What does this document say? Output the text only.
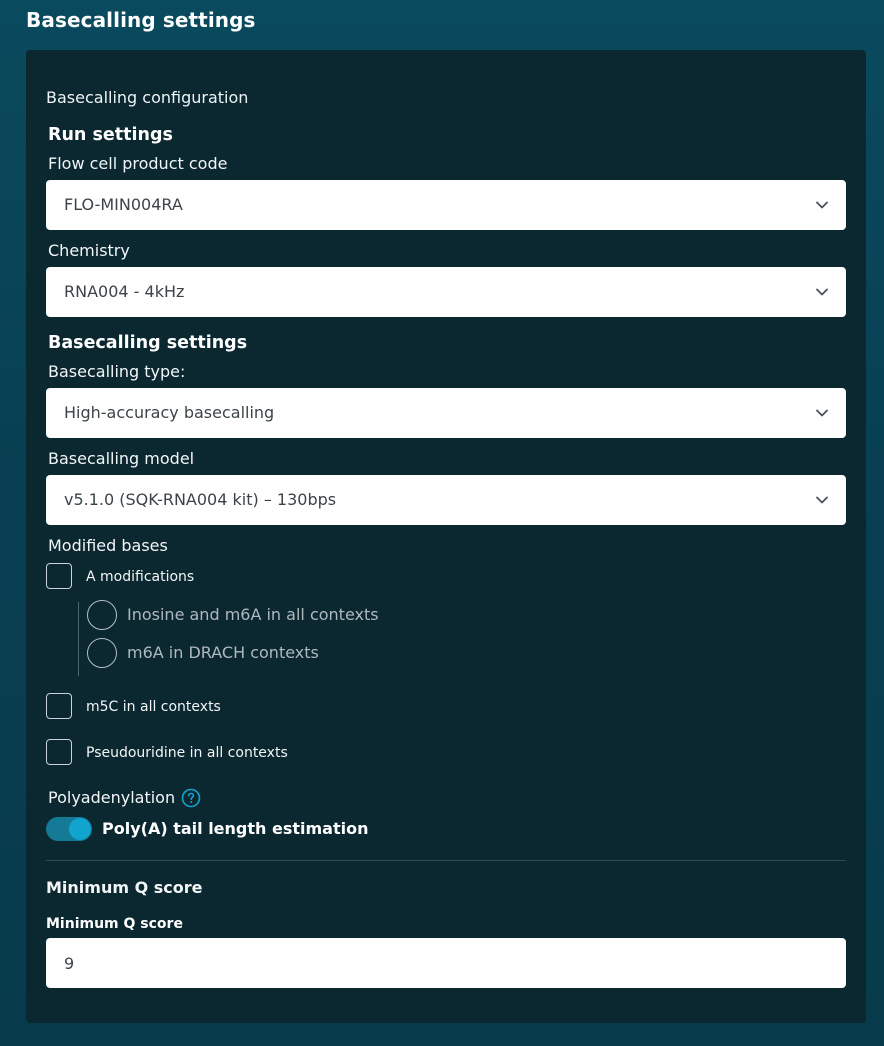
Basecalling settings
Basecalling configuration
Run settings
Flow cell product code
FLO-MIN004RA
Chemistry
RNA004 - 4kHz
Basecalling settings
Basecalling type:
High-accuracy basecalling
Basecalling model
v5.1.0 (SQK-RNA004 kit) – 130bps
Modified bases
A modifications
Inosine and m6A in all contexts
m6A in DRACH contexts
m5C in all contexts
Pseudouridine in all contexts
Polyadenylation
Poly(A) tail length estimation
Minimum Q score
Minimum Q score
9
